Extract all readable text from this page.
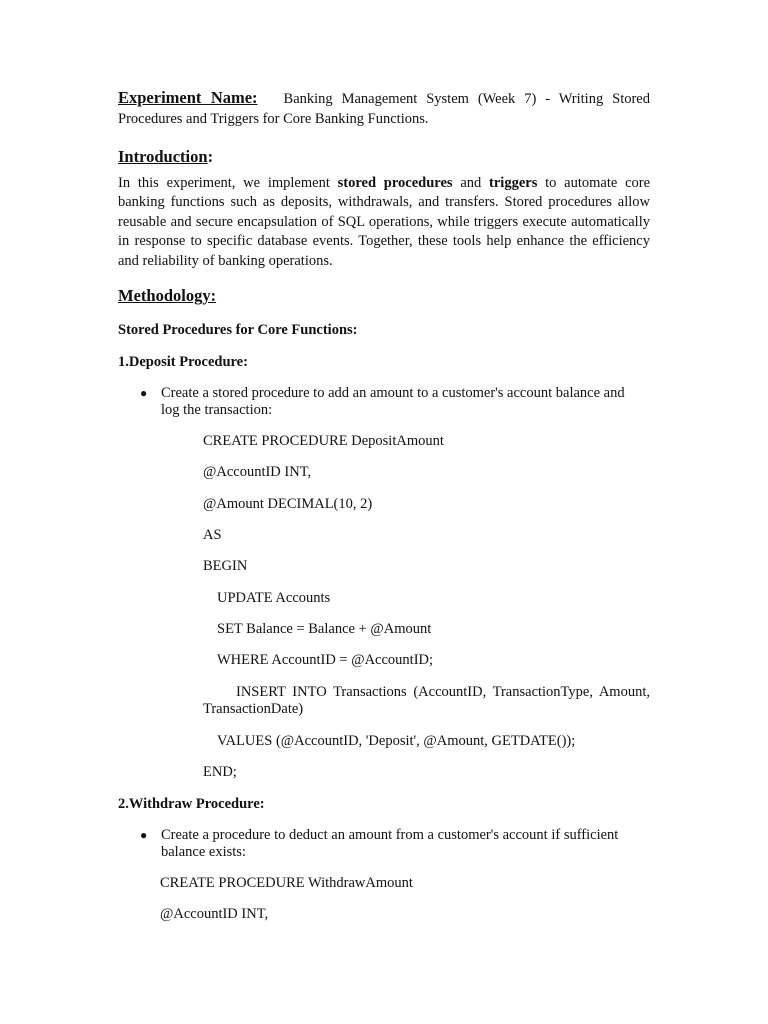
Experiment Name: Banking Management System (Week 7) - Writing Stored
Procedures and Triggers for Core Banking Functions.
Introduction:

In this experiment, we implement stored procedures and triggers to automate core banking functions such as deposits, withdrawals, and transfers. Stored procedures allow reusable and secure encapsulation of SQL operations, while triggers execute automatically in response to specific database events. Together, these tools help enhance the efficiency and reliability of banking operations.

Methodology:
Stored Procedures for Core Functions:
1.Deposit Procedure:
● Create a stored procedure to add an amount to a customer's account balance and log the transaction:
CREATE PROCEDURE DepositAmount
@AccountID INT,
@Amount DECIMAL(10, 2)
AS
BEGIN
UPDATE Accounts
SET Balance = Balance + @Amount
WHERE AccountID = @AccountID;
INSERT INTO Transactions (AccountID, TransactionType, Amount,
TransactionDate)
VALUES (@AccountID, 'Deposit', @Amount, GETDATE());
END;
2.Withdraw Procedure:
● Create a procedure to deduct an amount from a customer's account if sufficient balance exists:
CREATE PROCEDURE WithdrawAmount
@AccountID INT,
